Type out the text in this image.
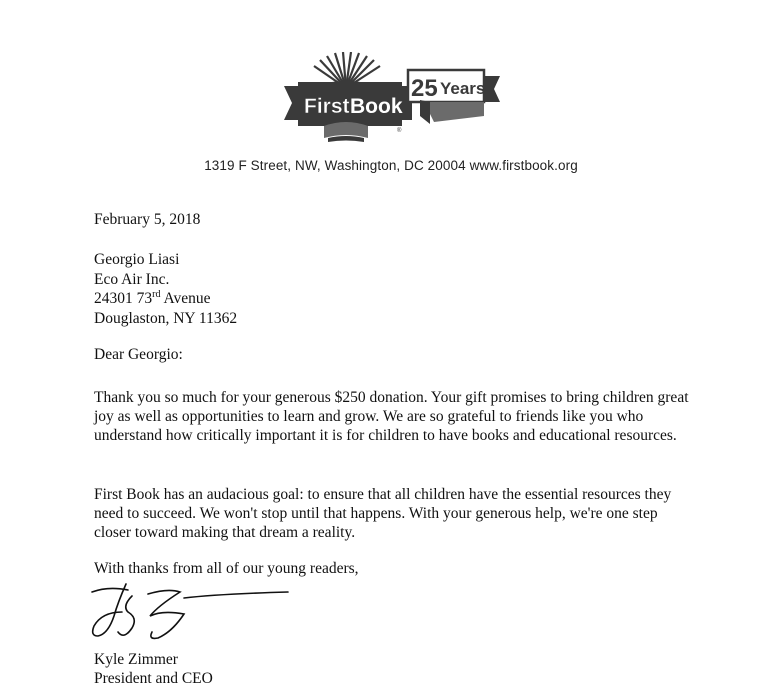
First Book
®
25 Years
1319 F Street, NW, Washington, DC 20004 www.firstbook.org
February 5, 2018
Georgio Liasi
Eco Air Inc.
24301 73rd Avenue
Douglaston, NY 11362
Dear Georgio:
Thank you so much for your generous $250 donation. Your gift promises to bring children great joy as well as opportunities to learn and grow. We are so grateful to friends like you who understand how critically important it is for children to have books and educational resources.
First Book has an audacious goal: to ensure that all children have the essential resources they need to succeed. We won't stop until that happens. With your generous help, we're one step closer toward making that dream a reality.
With thanks from all of our young readers,
Kyle Zimmer
President and CEO
